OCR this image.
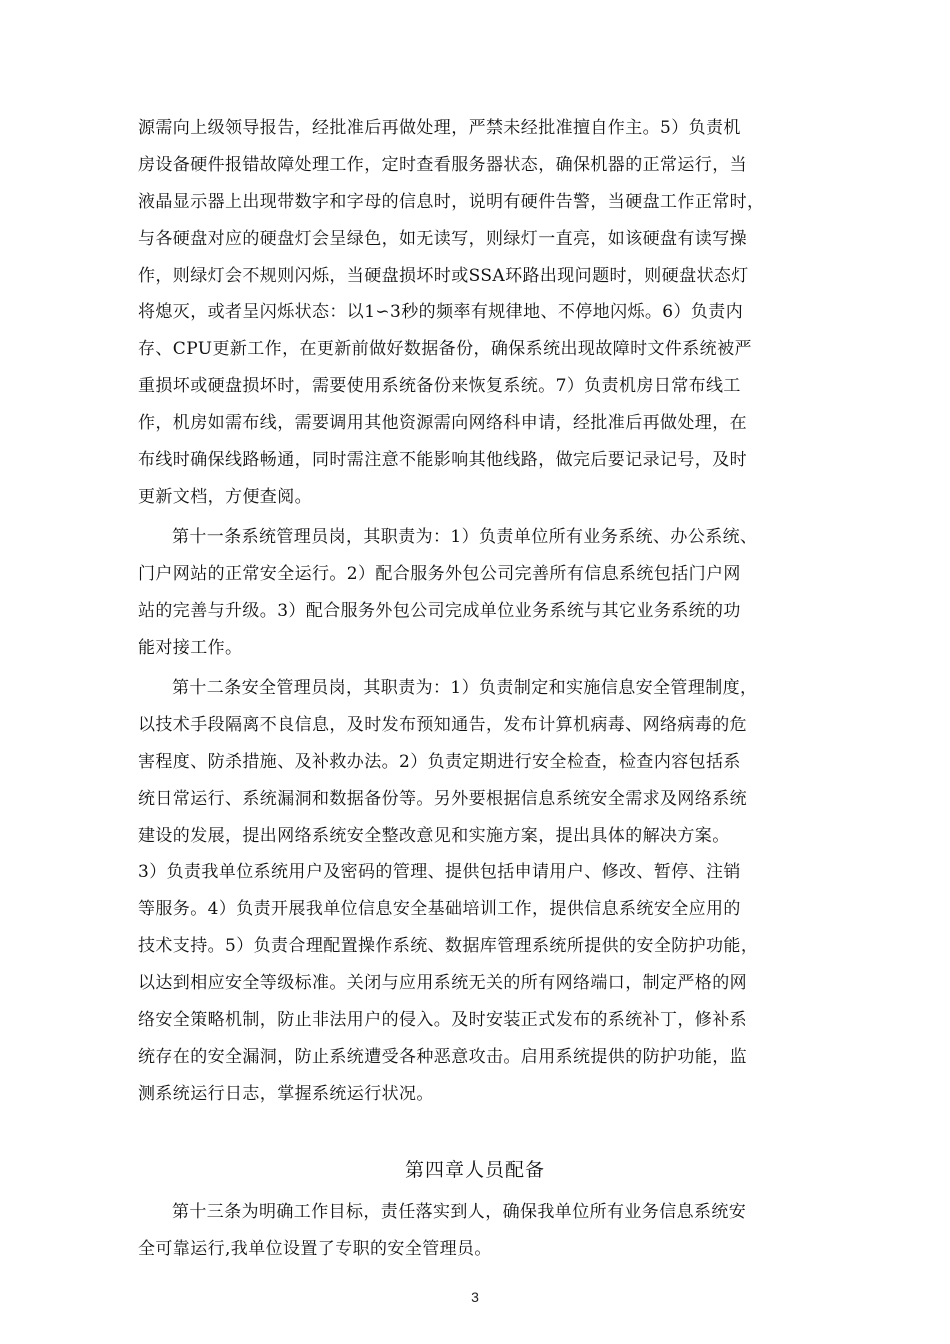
源需向上级领导报告，经批准后再做处理，严禁未经批准擅自作主。5）负责机
房设备硬件报错故障处理工作，定时查看服务器状态，确保机器的正常运行，当
液晶显示器上出现带数字和字母的信息时，说明有硬件告警，当硬盘工作正常时，
与各硬盘对应的硬盘灯会呈绿色，如无读写，则绿灯一直亮，如该硬盘有读写操
作，则绿灯会不规则闪烁，当硬盘损坏时或SSA环路出现问题时，则硬盘状态灯
将熄灭，或者呈闪烁状态：以1∽3秒的频率有规律地、不停地闪烁。6）负责内
存、CPU更新工作，在更新前做好数据备份，确保系统出现故障时文件系统被严
重损坏或硬盘损坏时，需要使用系统备份来恢复系统。7）负责机房日常布线工
作，机房如需布线，需要调用其他资源需向网络科申请，经批准后再做处理，在
布线时确保线路畅通，同时需注意不能影响其他线路，做完后要记录记号，及时
更新文档，方便查阅。
第十一条系统管理员岗，其职责为：1）负责单位所有业务系统、办公系统、
门户网站的正常安全运行。2）配合服务外包公司完善所有信息系统包括门户网
站的完善与升级。3）配合服务外包公司完成单位业务系统与其它业务系统的功
能对接工作。
第十二条安全管理员岗，其职责为：1）负责制定和实施信息安全管理制度，
以技术手段隔离不良信息，及时发布预知通告，发布计算机病毒、网络病毒的危
害程度、防杀措施、及补救办法。2）负责定期进行安全检查，检查内容包括系
统日常运行、系统漏洞和数据备份等。另外要根据信息系统安全需求及网络系统
建设的发展，提出网络系统安全整改意见和实施方案，提出具体的解决方案。
3）负责我单位系统用户及密码的管理、提供包括申请用户、修改、暂停、注销
等服务。4）负责开展我单位信息安全基础培训工作，提供信息系统安全应用的
技术支持。5）负责合理配置操作系统、数据库管理系统所提供的安全防护功能，
以达到相应安全等级标准。关闭与应用系统无关的所有网络端口，制定严格的网
络安全策略机制，防止非法用户的侵入。及时安装正式发布的系统补丁，修补系
统存在的安全漏洞，防止系统遭受各种恶意攻击。启用系统提供的防护功能，监
测系统运行日志，掌握系统运行状况。
第四章人员配备
第十三条为明确工作目标，责任落实到人，确保我单位所有业务信息系统安
全可靠运行,我单位设置了专职的安全管理员。
3
